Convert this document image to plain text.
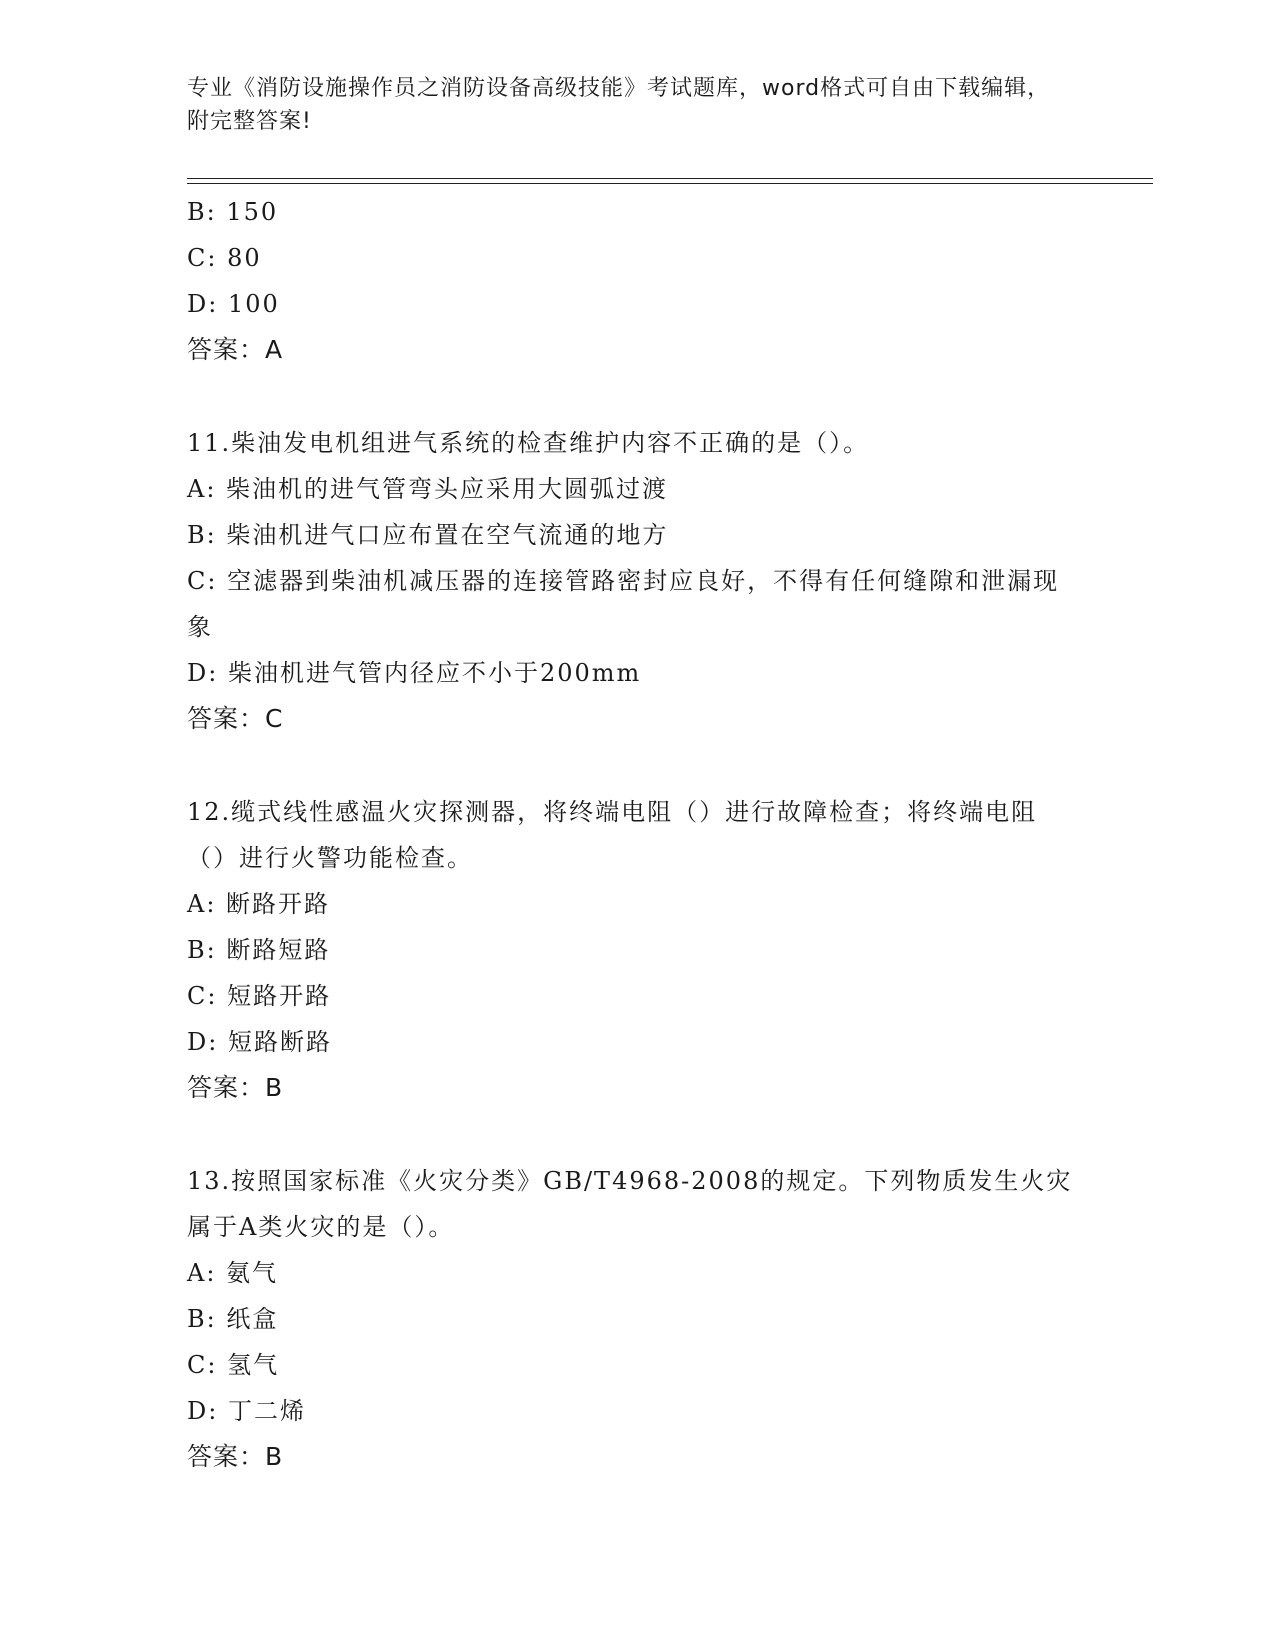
专业《消防设施操作员之消防设备高级技能》考试题库，word格式可自由下载编辑，附完整答案!

B: 150

C: 80

D: 100

答案：A

11.柴油发电机组进气系统的检查维护内容不正确的是（）。

A: 柴油机的进气管弯头应采用大圆弧过渡

B: 柴油机进气口应布置在空气流通的地方

C: 空滤器到柴油机减压器的连接管路密封应良好，不得有任何缝隙和泄漏现象

D: 柴油机进气管内径应不小于200mm

答案：C

12.缆式线性感温火灾探测器，将终端电阻（）进行故障检查；将终端电阻（）进行火警功能检查。

A: 断路开路

B: 断路短路

C: 短路开路

D: 短路断路

答案：B

13.按照国家标准《火灾分类》GB/T4968-2008的规定。下列物质发生火灾属于A类火灾的是（）。

A: 氨气

B: 纸盒

C: 氢气

D: 丁二烯

答案：B
